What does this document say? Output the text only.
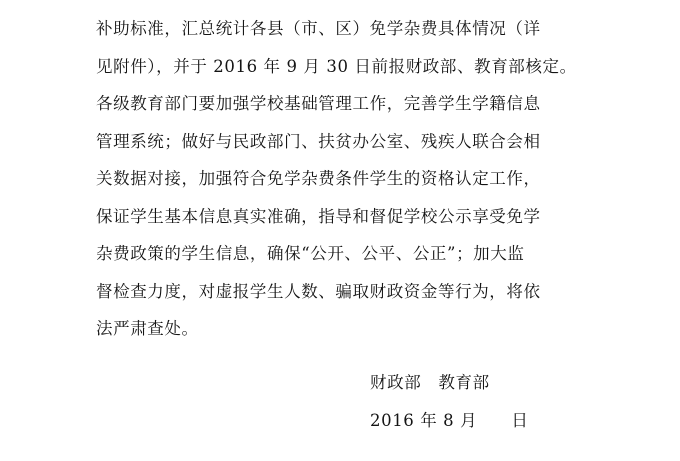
补助标准，汇总统计各县（市、区）免学杂费具体情况（详
见附件），并于 2016 年 9 月 30 日前报财政部、教育部核定。
各级教育部门要加强学校基础管理工作，完善学生学籍信息
管理系统；做好与民政部门、扶贫办公室、残疾人联合会相
关数据对接，加强符合免学杂费条件学生的资格认定工作，
保证学生基本信息真实准确，指导和督促学校公示享受免学
杂费政策的学生信息，确保“公开、公平、公正”；加大监
督检查力度，对虚报学生人数、骗取财政资金等行为，将依
法严肃查处。
财政部　教育部
2016 年 8 月　　日
